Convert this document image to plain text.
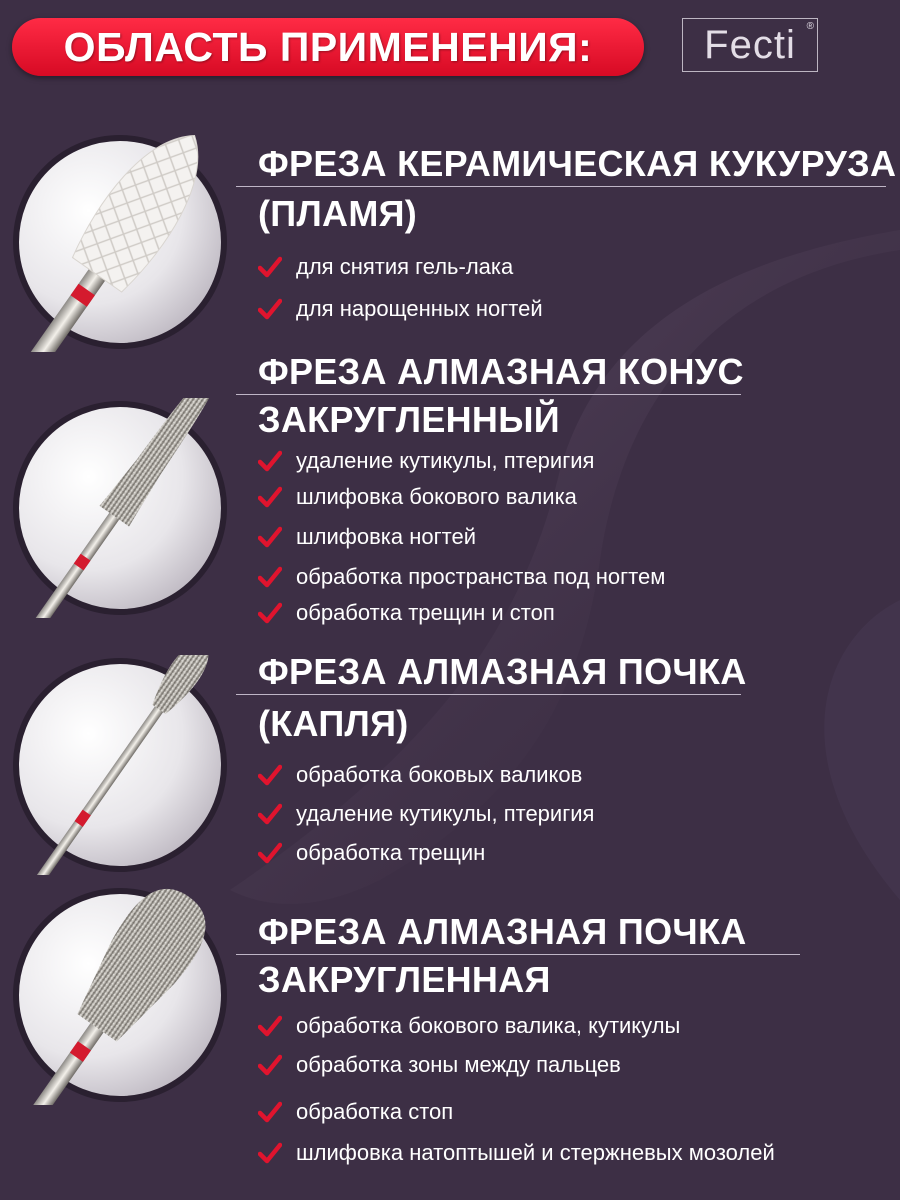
ОБЛАСТЬ ПРИМЕНЕНИЯ:	Fecti ®
ФРЕЗА КЕРАМИЧЕСКАЯ КУКУРУЗА
(ПЛАМЯ)
для снятия гель-лака
для нарощенных ногтей
ФРЕЗА АЛМАЗНАЯ КОНУС
ЗАКРУГЛЕННЫЙ
удаление кутикулы, птеригия
шлифовка бокового валика
шлифовка ногтей
обработка пространства под ногтем
обработка трещин и стоп
ФРЕЗА АЛМАЗНАЯ ПОЧКА
(КАПЛЯ)
обработка боковых валиков
удаление кутикулы, птеригия
обработка трещин
ФРЕЗА АЛМАЗНАЯ ПОЧКА
ЗАКРУГЛЕННАЯ
обработка бокового валика, кутикулы
обработка зоны между пальцев
обработка стоп
шлифовка натоптышей и стержневых мозолей
